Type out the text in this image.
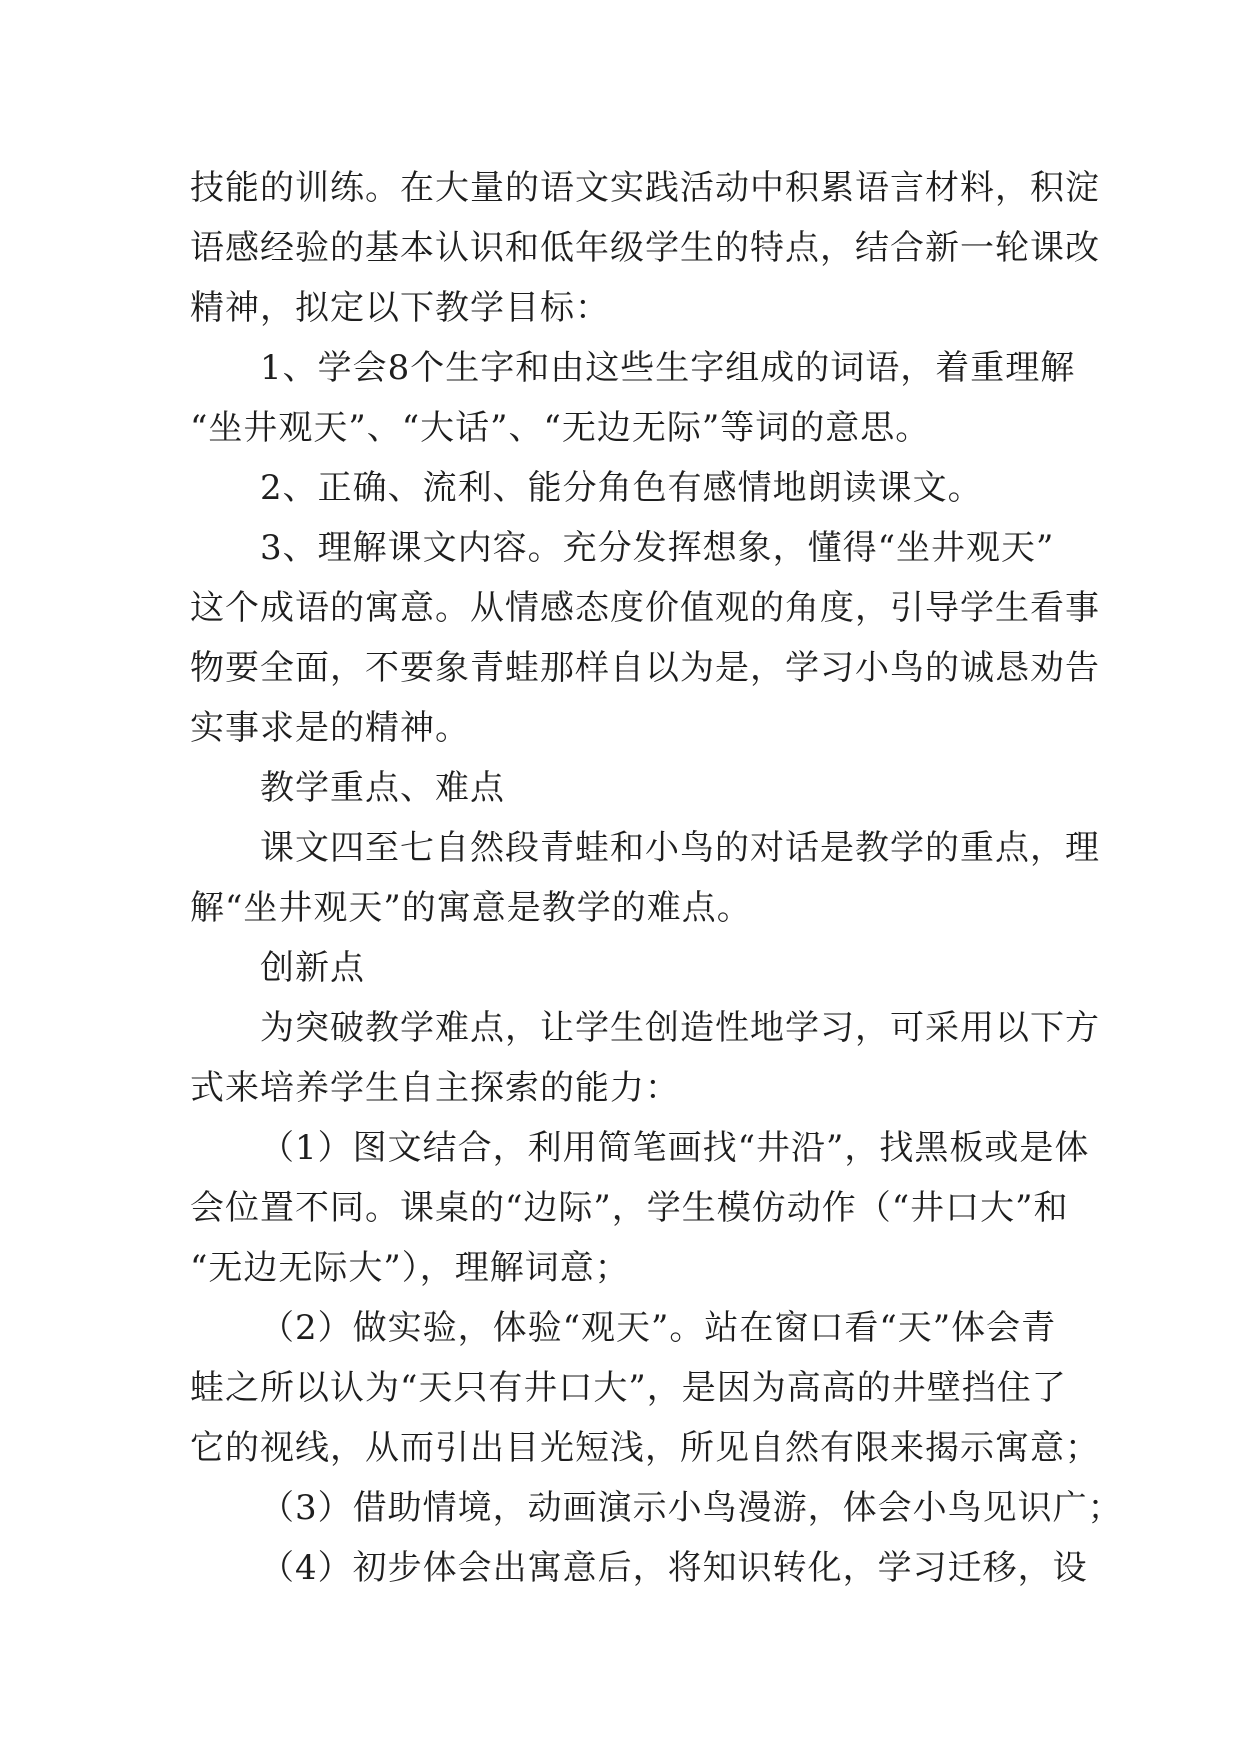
技能的训练。在大量的语文实践活动中积累语言材料，积淀
语感经验的基本认识和低年级学生的特点，结合新一轮课改
精神，拟定以下教学目标：
1、学会8个生字和由这些生字组成的词语，着重理解
“坐井观天”、“大话”、“无边无际”等词的意思。
2、正确、流利、能分角色有感情地朗读课文。
3、理解课文内容。充分发挥想象，懂得“坐井观天”
这个成语的寓意。从情感态度价值观的角度，引导学生看事
物要全面，不要象青蛙那样自以为是，学习小鸟的诚恳劝告
实事求是的精神。
教学重点、难点
课文四至七自然段青蛙和小鸟的对话是教学的重点，理
解“坐井观天”的寓意是教学的难点。
创新点
为突破教学难点，让学生创造性地学习，可采用以下方
式来培养学生自主探索的能力：
（1）图文结合，利用简笔画找“井沿”，找黑板或是体
会位置不同。课桌的“边际”，学生模仿动作（“井口大”和
“无边无际大”），理解词意；
（2）做实验，体验“观天”。站在窗口看“天”体会青
蛙之所以认为“天只有井口大”，是因为高高的井壁挡住了
它的视线，从而引出目光短浅，所见自然有限来揭示寓意；
（3）借助情境，动画演示小鸟漫游，体会小鸟见识广；
（4）初步体会出寓意后，将知识转化，学习迁移，设
